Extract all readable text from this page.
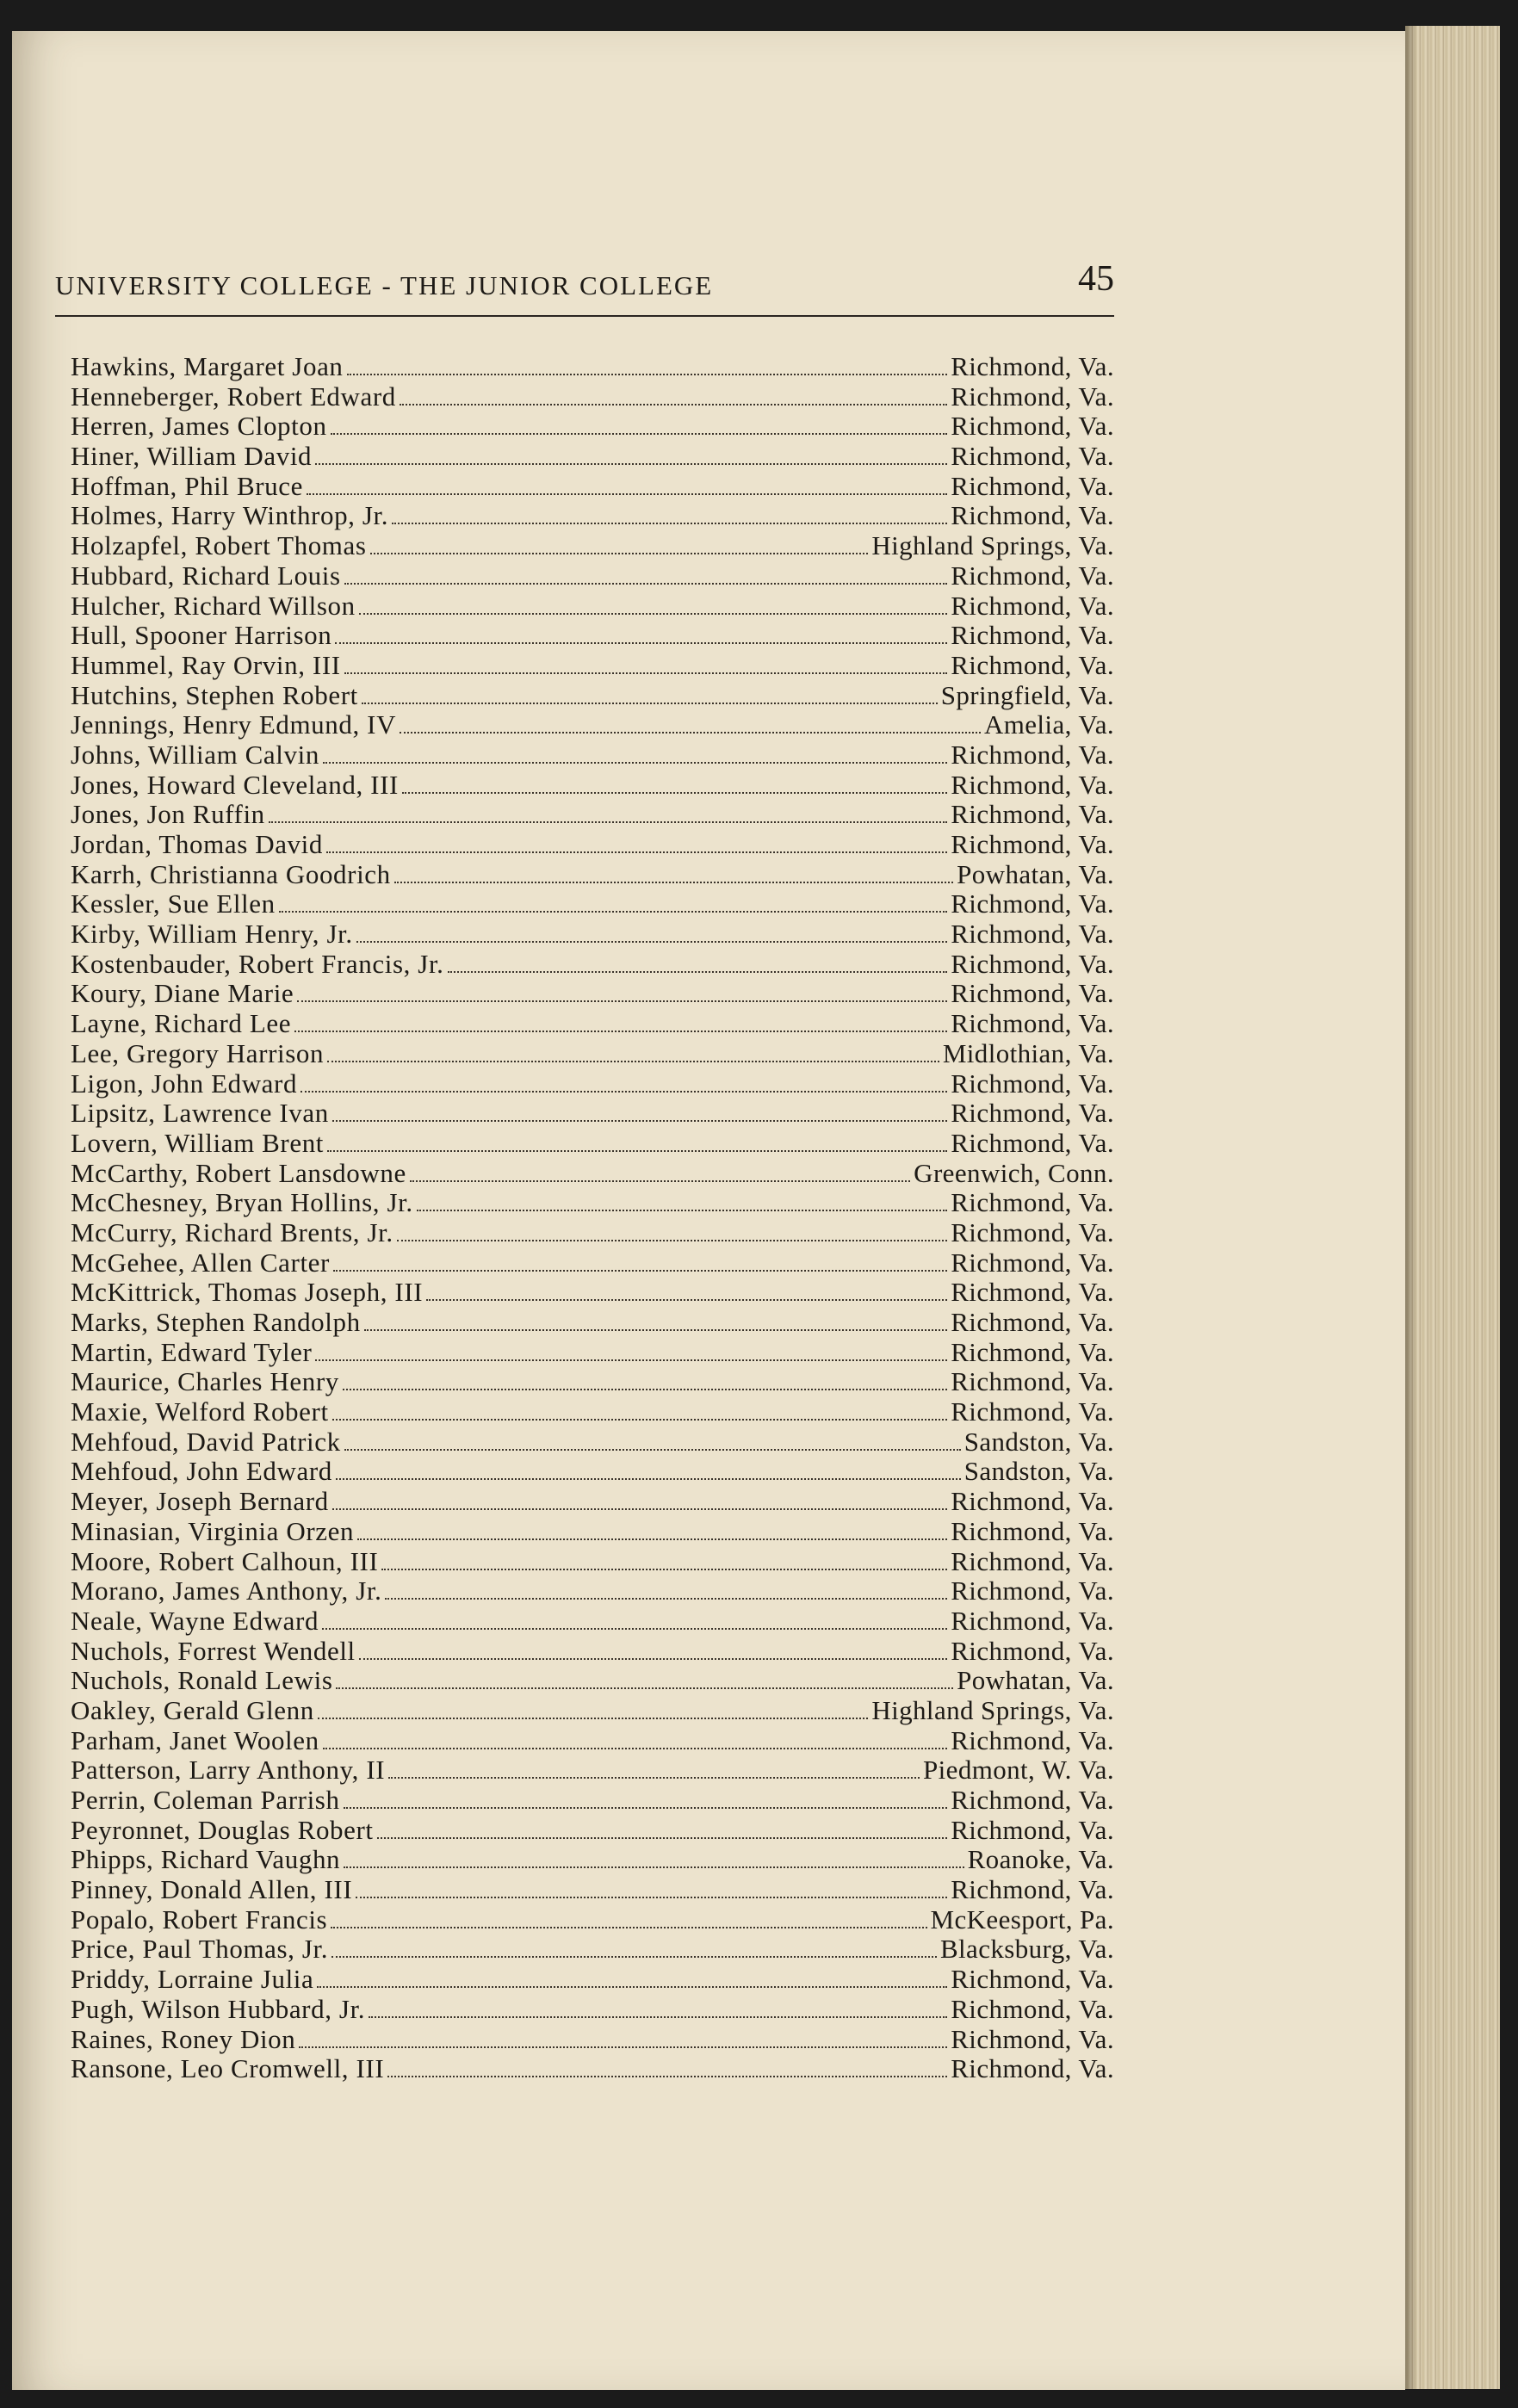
UNIVERSITY COLLEGE - THE JUNIOR COLLEGE	45
Hawkins, Margaret Joan	Richmond, Va.
Henneberger, Robert Edward	Richmond, Va.
Herren, James Clopton	Richmond, Va.
Hiner, William David	Richmond, Va.
Hoffman, Phil Bruce	Richmond, Va.
Holmes, Harry Winthrop, Jr.	Richmond, Va.
Holzapfel, Robert Thomas	Highland Springs, Va.
Hubbard, Richard Louis	Richmond, Va.
Hulcher, Richard Willson	Richmond, Va.
Hull, Spooner Harrison	Richmond, Va.
Hummel, Ray Orvin, III	Richmond, Va.
Hutchins, Stephen Robert	Springfield, Va.
Jennings, Henry Edmund, IV	Amelia, Va.
Johns, William Calvin	Richmond, Va.
Jones, Howard Cleveland, III	Richmond, Va.
Jones, Jon Ruffin	Richmond, Va.
Jordan, Thomas David	Richmond, Va.
Karrh, Christianna Goodrich	Powhatan, Va.
Kessler, Sue Ellen	Richmond, Va.
Kirby, William Henry, Jr.	Richmond, Va.
Kostenbauder, Robert Francis, Jr.	Richmond, Va.
Koury, Diane Marie	Richmond, Va.
Layne, Richard Lee	Richmond, Va.
Lee, Gregory Harrison	Midlothian, Va.
Ligon, John Edward	Richmond, Va.
Lipsitz, Lawrence Ivan	Richmond, Va.
Lovern, William Brent	Richmond, Va.
McCarthy, Robert Lansdowne	Greenwich, Conn.
McChesney, Bryan Hollins, Jr.	Richmond, Va.
McCurry, Richard Brents, Jr.	Richmond, Va.
McGehee, Allen Carter	Richmond, Va.
McKittrick, Thomas Joseph, III	Richmond, Va.
Marks, Stephen Randolph	Richmond, Va.
Martin, Edward Tyler	Richmond, Va.
Maurice, Charles Henry	Richmond, Va.
Maxie, Welford Robert	Richmond, Va.
Mehfoud, David Patrick	Sandston, Va.
Mehfoud, John Edward	Sandston, Va.
Meyer, Joseph Bernard	Richmond, Va.
Minasian, Virginia Orzen	Richmond, Va.
Moore, Robert Calhoun, III	Richmond, Va.
Morano, James Anthony, Jr.	Richmond, Va.
Neale, Wayne Edward	Richmond, Va.
Nuchols, Forrest Wendell	Richmond, Va.
Nuchols, Ronald Lewis	Powhatan, Va.
Oakley, Gerald Glenn	Highland Springs, Va.
Parham, Janet Woolen	Richmond, Va.
Patterson, Larry Anthony, II	Piedmont, W. Va.
Perrin, Coleman Parrish	Richmond, Va.
Peyronnet, Douglas Robert	Richmond, Va.
Phipps, Richard Vaughn	Roanoke, Va.
Pinney, Donald Allen, III	Richmond, Va.
Popalo, Robert Francis	McKeesport, Pa.
Price, Paul Thomas, Jr.	Blacksburg, Va.
Priddy, Lorraine Julia	Richmond, Va.
Pugh, Wilson Hubbard, Jr.	Richmond, Va.
Raines, Roney Dion	Richmond, Va.
Ransone, Leo Cromwell, III	Richmond, Va.
